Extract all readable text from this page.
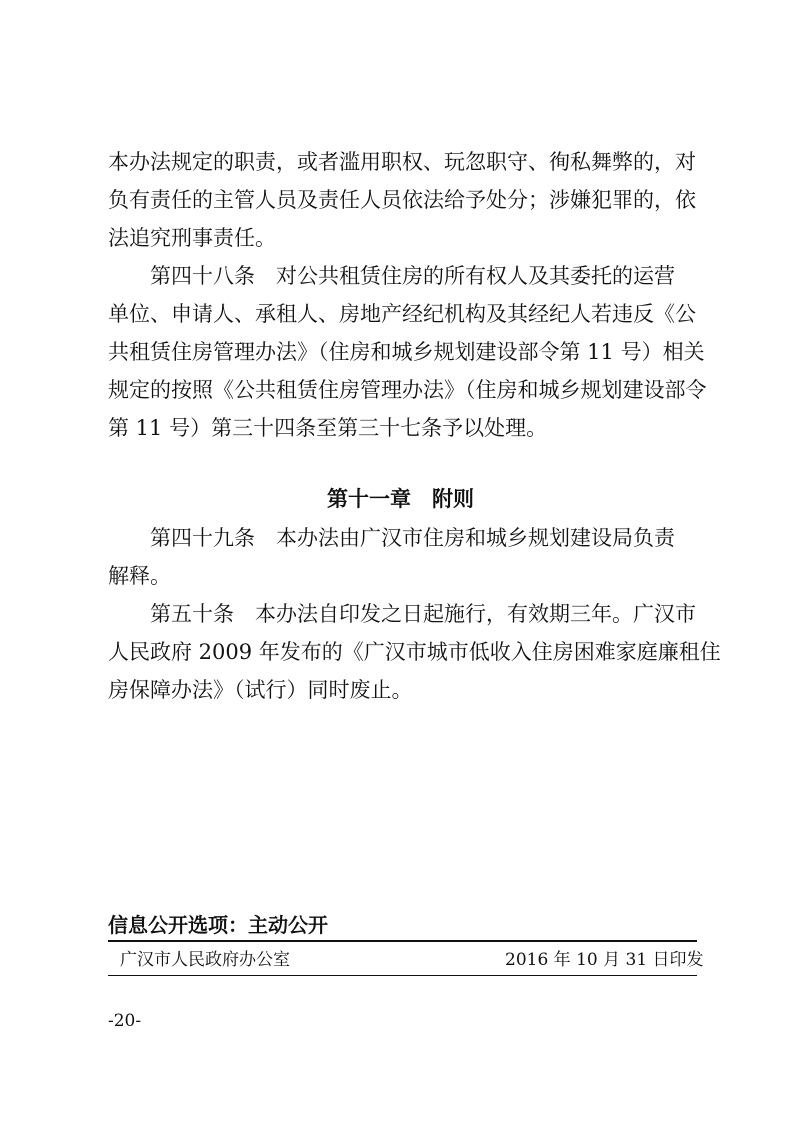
本办法规定的职责，或者滥用职权、玩忽职守、徇私舞弊的，对
负有责任的主管人员及责任人员依法给予处分；涉嫌犯罪的，依
法追究刑事责任。
第四十八条　对公共租赁住房的所有权人及其委托的运营
单位、申请人、承租人、房地产经纪机构及其经纪人若违反《公
共租赁住房管理办法》（住房和城乡规划建设部令第 11 号）相关
规定的按照《公共租赁住房管理办法》（住房和城乡规划建设部令
第 11 号）第三十四条至第三十七条予以处理。
第十一章　附则
第四十九条　本办法由广汉市住房和城乡规划建设局负责
解释。
第五十条　本办法自印发之日起施行，有效期三年。广汉市
人民政府 2009 年发布的《广汉市城市低收入住房困难家庭廉租住
房保障办法》（试行）同时废止。
信息公开选项：主动公开
广汉市人民政府办公室	2016 年 10 月 31 日印发
-20-
